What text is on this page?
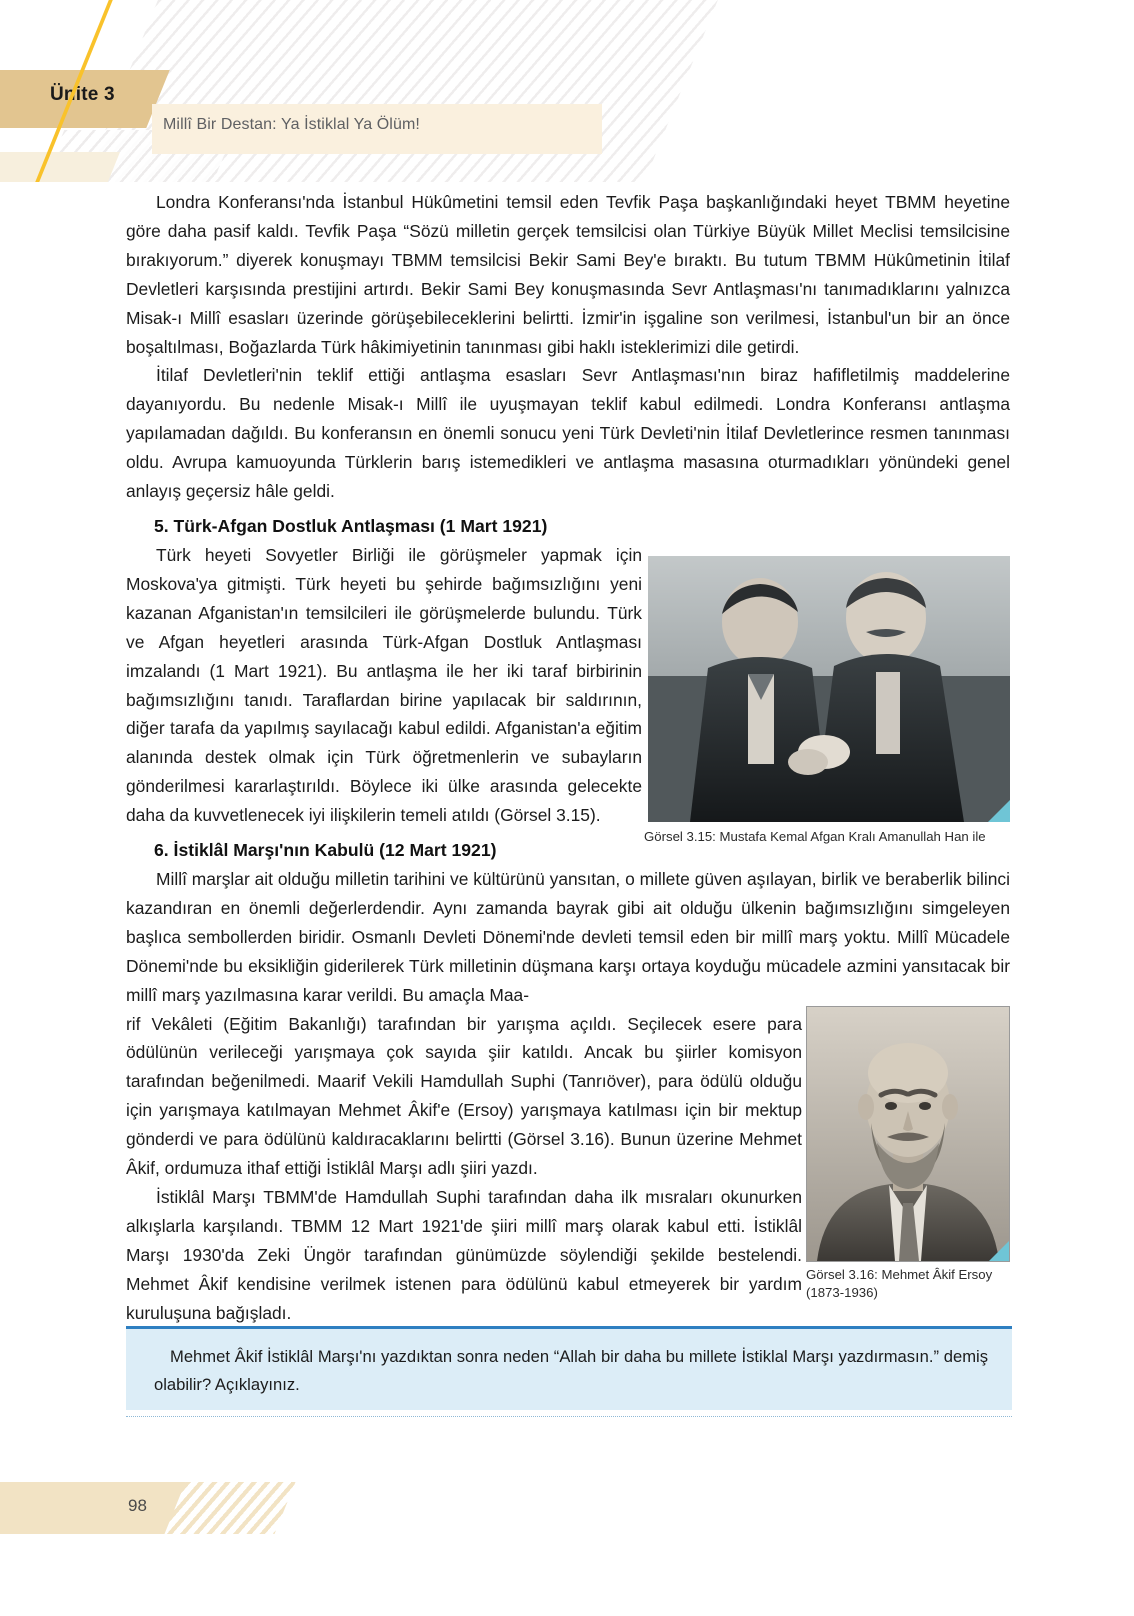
Ünite 3
Millî Bir Destan: Ya İstiklal Ya Ölüm!

Londra Konferansı'nda İstanbul Hükûmetini temsil eden Tevfik Paşa başkanlığındaki heyet TBMM heyetine göre daha pasif kaldı. Tevfik Paşa “Sözü milletin gerçek temsilcisi olan Türkiye Büyük Millet Meclisi temsilcisine bırakıyorum.” diyerek konuşmayı TBMM temsilcisi Bekir Sami Bey'e bıraktı. Bu tutum TBMM Hükûmetinin İtilaf Devletleri karşısında prestijini artırdı. Bekir Sami Bey konuşmasında Sevr Antlaşması'nı tanımadıklarını yalnızca Misak-ı Millî esasları üzerinde görüşebileceklerini belirtti. İzmir'in işgaline son verilmesi, İstanbul'un bir an önce boşaltılması, Boğazlarda Türk hâkimiyetinin tanınması gibi haklı isteklerimizi dile getirdi.

İtilaf Devletleri'nin teklif ettiği antlaşma esasları Sevr Antlaşması'nın biraz hafifletilmiş maddelerine dayanıyordu. Bu nedenle Misak-ı Millî ile uyuşmayan teklif kabul edilmedi. Londra Konferansı antlaşma yapılamadan dağıldı. Bu konferansın en önemli sonucu yeni Türk Devleti'nin İtilaf Devletlerince resmen tanınması oldu. Avrupa kamuoyunda Türklerin barış istemedikleri ve antlaşma masasına oturmadıkları yönündeki genel anlayış geçersiz hâle geldi.

5. Türk-Afgan Dostluk Antlaşması (1 Mart 1921)

Türk heyeti Sovyetler Birliği ile görüşmeler yapmak için Moskova'ya gitmişti. Türk heyeti bu şehirde bağımsızlığını yeni kazanan Afganistan'ın temsilcileri ile görüşmelerde bulundu. Türk ve Afgan heyetleri arasında Türk-Afgan Dostluk Antlaşması imzalandı (1 Mart 1921). Bu antlaşma ile her iki taraf birbirinin bağımsızlığını tanıdı. Taraflardan birine yapılacak bir saldırının, diğer tarafa da yapılmış sayılacağı kabul edildi. Afganistan'a eğitim alanında destek olmak için Türk öğretmenlerin ve subayların gönderilmesi kararlaştırıldı. Böylece iki ülke arasında gelecekte daha da kuvvetlenecek iyi ilişkilerin temeli atıldı (Görsel 3.15).

6. İstiklâl Marşı'nın Kabulü (12 Mart 1921)

Millî marşlar ait olduğu milletin tarihini ve kültürünü yansıtan, o millete güven aşılayan, birlik ve beraberlik bilinci kazandıran en önemli değerlerdendir. Aynı zamanda bayrak gibi ait olduğu ülkenin bağımsızlığını simgeleyen başlıca sembollerden biridir. Osmanlı Devleti Dönemi'nde devleti temsil eden bir millî marş yoktu. Millî Mücadele Dönemi'nde bu eksikliğin giderilerek Türk milletinin düşmana karşı ortaya koyduğu mücadele azmini yansıtacak bir millî marş yazılmasına karar verildi. Bu amaçla Maa-

rif Vekâleti (Eğitim Bakanlığı) tarafından bir yarışma açıldı. Seçilecek esere para ödülünün verileceği yarışmaya çok sayıda şiir katıldı. Ancak bu şiirler komisyon tarafından beğenilmedi. Maarif Vekili Hamdullah Suphi (Tanrıöver), para ödülü olduğu için yarışmaya katılmayan Mehmet Âkif'e (Ersoy) yarışmaya katılması için bir mektup gönderdi ve para ödülünü kaldıracaklarını belirtti (Görsel 3.16). Bunun üzerine Mehmet Âkif, ordumuza ithaf ettiği İstiklâl Marşı adlı şiiri yazdı.

İstiklâl Marşı TBMM'de Hamdullah Suphi tarafından daha ilk mısraları okunurken alkışlarla karşılandı. TBMM 12 Mart 1921'de şiiri millî marş olarak kabul etti. İstiklâl Marşı 1930'da Zeki Üngör tarafından günümüzde söylendiği şekilde bestelendi. Mehmet Âkif kendisine verilmek istenen para ödülünü kabul etmeyerek bir yardım kuruluşuna bağışladı.

Görsel 3.15: Mustafa Kemal Afgan Kralı Amanullah Han ile
Görsel 3.16: Mehmet Âkif Ersoy
(1873-1936)

Mehmet Âkif İstiklâl Marşı'nı yazdıktan sonra neden “Allah bir daha bu millete İstiklal Marşı yazdırmasın.” demiş olabilir? Açıklayınız.

98
